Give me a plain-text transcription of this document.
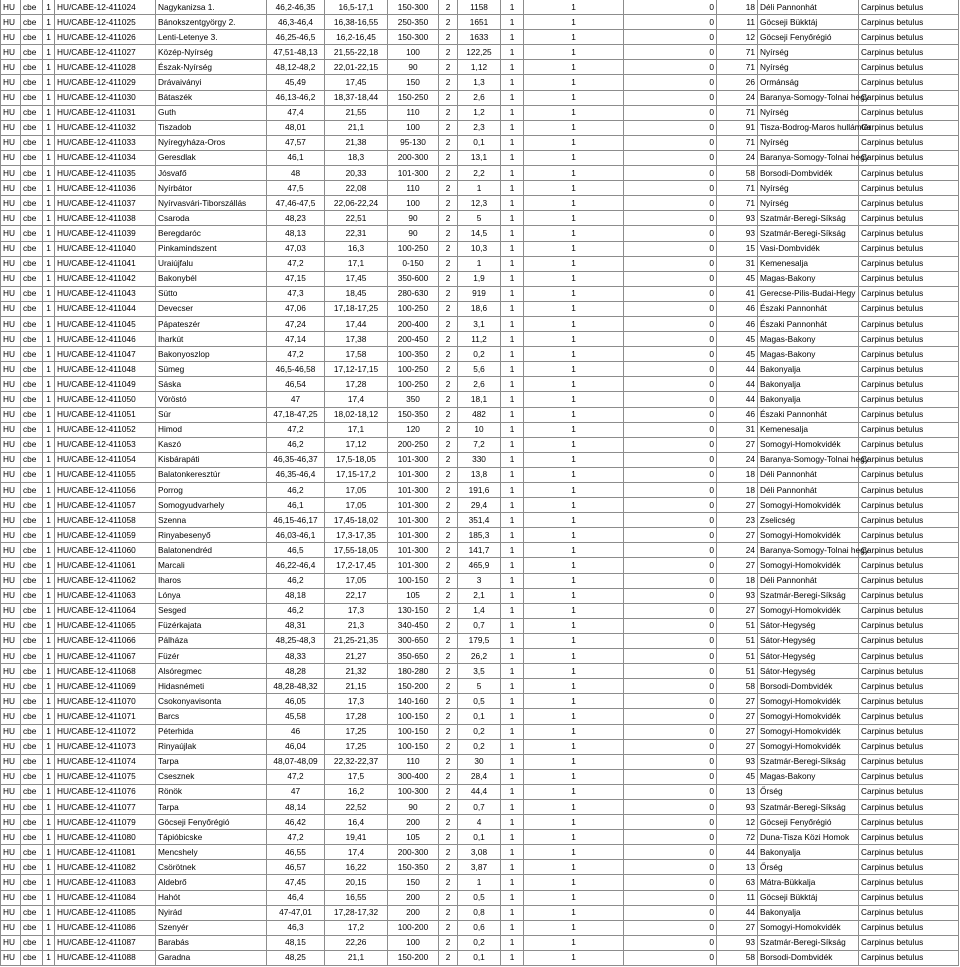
HU	cbe	1	HU/CABE-12-411024	Nagykanizsa 1.	46,2-46,35	16,5-17,1	150-300	2	1158	1	1	0	18	Déli Pannonhát	Carpinus betulus
HU	cbe	1	HU/CABE-12-411025	Bánokszentgyörgy 2.	46,3-46,4	16,38-16,55	250-350	2	1651	1	1	0	11	Göcseji Bükktáj	Carpinus betulus
HU	cbe	1	HU/CABE-12-411026	Lenti-Letenye 3.	46,25-46,5	16,2-16,45	150-300	2	1633	1	1	0	12	Göcseji Fenyőrégió	Carpinus betulus
HU	cbe	1	HU/CABE-12-411027	Közép-Nyírség	47,51-48,13	21,55-22,18	100	2	122,25	1	1	0	71	Nyírség	Carpinus betulus
HU	cbe	1	HU/CABE-12-411028	Észak-Nyírség	48,12-48,2	22,01-22,15	90	2	1,12	1	1	0	71	Nyírség	Carpinus betulus
HU	cbe	1	HU/CABE-12-411029	Drávaiványi	45,49	17,45	150	2	1,3	1	1	0	26	Ormánság	Carpinus betulus
HU	cbe	1	HU/CABE-12-411030	Bátaszék	46,13-46,2	18,37-18,44	150-250	2	2,6	1	1	0	24	Baranya-Somogy-Tolnai hegy	Carpinus betulus
HU	cbe	1	HU/CABE-12-411031	Guth	47,4	21,55	110	2	1,2	1	1	0	71	Nyírség	Carpinus betulus
HU	cbe	1	HU/CABE-12-411032	Tiszadob	48,01	21,1	100	2	2,3	1	1	0	91	Tisza-Bodrog-Maros hullámtér	Carpinus betulus
HU	cbe	1	HU/CABE-12-411033	Nyíregyháza-Oros	47,57	21,38	95-130	2	0,1	1	1	0	71	Nyírség	Carpinus betulus
HU	cbe	1	HU/CABE-12-411034	Geresdlak	46,1	18,3	200-300	2	13,1	1	1	0	24	Baranya-Somogy-Tolnai hegy	Carpinus betulus
HU	cbe	1	HU/CABE-12-411035	Jósvafő	48	20,33	101-300	2	2,2	1	1	0	58	Borsodi-Dombvidék	Carpinus betulus
HU	cbe	1	HU/CABE-12-411036	Nyírbátor	47,5	22,08	110	2	1	1	1	0	71	Nyírség	Carpinus betulus
HU	cbe	1	HU/CABE-12-411037	Nyírvasvári-Tiborszállás	47,46-47,5	22,06-22,24	100	2	12,3	1	1	0	71	Nyírség	Carpinus betulus
HU	cbe	1	HU/CABE-12-411038	Csaroda	48,23	22,51	90	2	5	1	1	0	93	Szatmár-Beregi-Síkság	Carpinus betulus
HU	cbe	1	HU/CABE-12-411039	Beregdaróc	48,13	22,31	90	2	14,5	1	1	0	93	Szatmár-Beregi-Síkság	Carpinus betulus
HU	cbe	1	HU/CABE-12-411040	Pinkamindszent	47,03	16,3	100-250	2	10,3	1	1	0	15	Vasi-Dombvidék	Carpinus betulus
HU	cbe	1	HU/CABE-12-411041	Uraiújfalu	47,2	17,1	0-150	2	1	1	1	0	31	Kemenesalja	Carpinus betulus
HU	cbe	1	HU/CABE-12-411042	Bakonybél	47,15	17,45	350-600	2	1,9	1	1	0	45	Magas-Bakony	Carpinus betulus
HU	cbe	1	HU/CABE-12-411043	Sütto	47,3	18,45	280-630	2	919	1	1	0	41	Gerecse-Pilis-Budai-Hegy	Carpinus betulus
HU	cbe	1	HU/CABE-12-411044	Devecser	47,06	17,18-17,25	100-250	2	18,6	1	1	0	46	Északi Pannonhát	Carpinus betulus
HU	cbe	1	HU/CABE-12-411045	Pápateszér	47,24	17,44	200-400	2	3,1	1	1	0	46	Északi Pannonhát	Carpinus betulus
HU	cbe	1	HU/CABE-12-411046	Iharkút	47,14	17,38	200-450	2	11,2	1	1	0	45	Magas-Bakony	Carpinus betulus
HU	cbe	1	HU/CABE-12-411047	Bakonyoszlop	47,2	17,58	100-350	2	0,2	1	1	0	45	Magas-Bakony	Carpinus betulus
HU	cbe	1	HU/CABE-12-411048	Sümeg	46,5-46,58	17,12-17,15	100-250	2	5,6	1	1	0	44	Bakonyalja	Carpinus betulus
HU	cbe	1	HU/CABE-12-411049	Sáska	46,54	17,28	100-250	2	2,6	1	1	0	44	Bakonyalja	Carpinus betulus
HU	cbe	1	HU/CABE-12-411050	Vöröstó	47	17,4	350	2	18,1	1	1	0	44	Bakonyalja	Carpinus betulus
HU	cbe	1	HU/CABE-12-411051	Súr	47,18-47,25	18,02-18,12	150-350	2	482	1	1	0	46	Északi Pannonhát	Carpinus betulus
HU	cbe	1	HU/CABE-12-411052	Himod	47,2	17,1	120	2	10	1	1	0	31	Kemenesalja	Carpinus betulus
HU	cbe	1	HU/CABE-12-411053	Kaszó	46,2	17,12	200-250	2	7,2	1	1	0	27	Somogyi-Homokvidék	Carpinus betulus
HU	cbe	1	HU/CABE-12-411054	Kisbárapáti	46,35-46,37	17,5-18,05	101-300	2	330	1	1	0	24	Baranya-Somogy-Tolnai hegy	Carpinus betulus
HU	cbe	1	HU/CABE-12-411055	Balatonkeresztúr	46,35-46,4	17,15-17,2	101-300	2	13,8	1	1	0	18	Déli Pannonhát	Carpinus betulus
HU	cbe	1	HU/CABE-12-411056	Porrog	46,2	17,05	101-300	2	191,6	1	1	0	18	Déli Pannonhát	Carpinus betulus
HU	cbe	1	HU/CABE-12-411057	Somogyudvarhely	46,1	17,05	101-300	2	29,4	1	1	0	27	Somogyi-Homokvidék	Carpinus betulus
HU	cbe	1	HU/CABE-12-411058	Szenna	46,15-46,17	17,45-18,02	101-300	2	351,4	1	1	0	23	Zselicség	Carpinus betulus
HU	cbe	1	HU/CABE-12-411059	Rinyabesenyő	46,03-46,1	17,3-17,35	101-300	2	185,3	1	1	0	27	Somogyi-Homokvidék	Carpinus betulus
HU	cbe	1	HU/CABE-12-411060	Balatonendréd	46,5	17,55-18,05	101-300	2	141,7	1	1	0	24	Baranya-Somogy-Tolnai hegy	Carpinus betulus
HU	cbe	1	HU/CABE-12-411061	Marcali	46,22-46,4	17,2-17,45	101-300	2	465,9	1	1	0	27	Somogyi-Homokvidék	Carpinus betulus
HU	cbe	1	HU/CABE-12-411062	Iharos	46,2	17,05	100-150	2	3	1	1	0	18	Déli Pannonhát	Carpinus betulus
HU	cbe	1	HU/CABE-12-411063	Lónya	48,18	22,17	105	2	2,1	1	1	0	93	Szatmár-Beregi-Síkság	Carpinus betulus
HU	cbe	1	HU/CABE-12-411064	Sesged	46,2	17,3	130-150	2	1,4	1	1	0	27	Somogyi-Homokvidék	Carpinus betulus
HU	cbe	1	HU/CABE-12-411065	Füzérkajata	48,31	21,3	340-450	2	0,7	1	1	0	51	Sátor-Hegység	Carpinus betulus
HU	cbe	1	HU/CABE-12-411066	Pálháza	48,25-48,3	21,25-21,35	300-650	2	179,5	1	1	0	51	Sátor-Hegység	Carpinus betulus
HU	cbe	1	HU/CABE-12-411067	Füzér	48,33	21,27	350-650	2	26,2	1	1	0	51	Sátor-Hegység	Carpinus betulus
HU	cbe	1	HU/CABE-12-411068	Alsóregmec	48,28	21,32	180-280	2	3,5	1	1	0	51	Sátor-Hegység	Carpinus betulus
HU	cbe	1	HU/CABE-12-411069	Hidasnémeti	48,28-48,32	21,15	150-200	2	5	1	1	0	58	Borsodi-Dombvidék	Carpinus betulus
HU	cbe	1	HU/CABE-12-411070	Csokonyavisonta	46,05	17,3	140-160	2	0,5	1	1	0	27	Somogyi-Homokvidék	Carpinus betulus
HU	cbe	1	HU/CABE-12-411071	Barcs	45,58	17,28	100-150	2	0,1	1	1	0	27	Somogyi-Homokvidék	Carpinus betulus
HU	cbe	1	HU/CABE-12-411072	Péterhida	46	17,25	100-150	2	0,2	1	1	0	27	Somogyi-Homokvidék	Carpinus betulus
HU	cbe	1	HU/CABE-12-411073	Rinyaújlak	46,04	17,25	100-150	2	0,2	1	1	0	27	Somogyi-Homokvidék	Carpinus betulus
HU	cbe	1	HU/CABE-12-411074	Tarpa	48,07-48,09	22,32-22,37	110	2	30	1	1	0	93	Szatmár-Beregi-Síkság	Carpinus betulus
HU	cbe	1	HU/CABE-12-411075	Csesznek	47,2	17,5	300-400	2	28,4	1	1	0	45	Magas-Bakony	Carpinus betulus
HU	cbe	1	HU/CABE-12-411076	Rönök	47	16,2	100-300	2	44,4	1	1	0	13	Őrség	Carpinus betulus
HU	cbe	1	HU/CABE-12-411077	Tarpa	48,14	22,52	90	2	0,7	1	1	0	93	Szatmár-Beregi-Síkság	Carpinus betulus
HU	cbe	1	HU/CABE-12-411079	Göcseji Fenyőrégió	46,42	16,4	200	2	4	1	1	0	12	Göcseji Fenyőrégió	Carpinus betulus
HU	cbe	1	HU/CABE-12-411080	Tápióbicske	47,2	19,41	105	2	0,1	1	1	0	72	Duna-Tisza Közi Homok	Carpinus betulus
HU	cbe	1	HU/CABE-12-411081	Mencshely	46,55	17,4	200-300	2	3,08	1	1	0	44	Bakonyalja	Carpinus betulus
HU	cbe	1	HU/CABE-12-411082	Csörötnek	46,57	16,22	150-350	2	3,87	1	1	0	13	Őrség	Carpinus betulus
HU	cbe	1	HU/CABE-12-411083	Aldebrő	47,45	20,15	150	2	1	1	1	0	63	Mátra-Bükkalja	Carpinus betulus
HU	cbe	1	HU/CABE-12-411084	Hahót	46,4	16,55	200	2	0,5	1	1	0	11	Göcseji Bükktáj	Carpinus betulus
HU	cbe	1	HU/CABE-12-411085	Nyirád	47-47,01	17,28-17,32	200	2	0,8	1	1	0	44	Bakonyalja	Carpinus betulus
HU	cbe	1	HU/CABE-12-411086	Szenyér	46,3	17,2	100-200	2	0,6	1	1	0	27	Somogyi-Homokvidék	Carpinus betulus
HU	cbe	1	HU/CABE-12-411087	Barabás	48,15	22,26	100	2	0,2	1	1	0	93	Szatmár-Beregi-Síkság	Carpinus betulus
HU	cbe	1	HU/CABE-12-411088	Garadna	48,25	21,1	150-200	2	0,1	1	1	0	58	Borsodi-Dombvidék	Carpinus betulus
